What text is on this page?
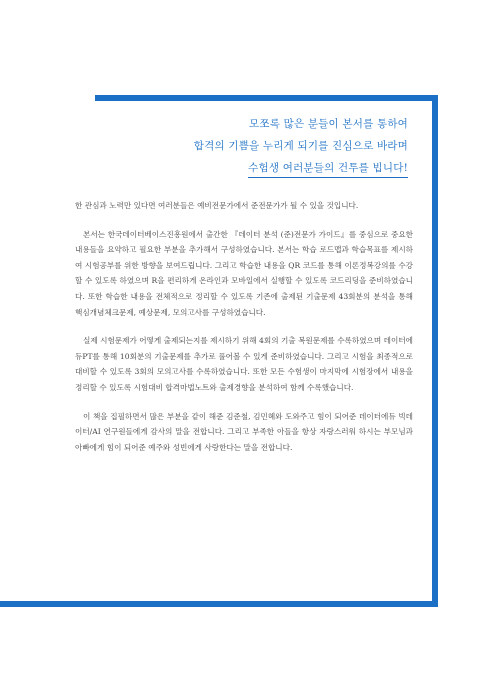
모쪼록 많은 분들이 본서를 통하여
합격의 기쁨을 누리게 되기를 진심으로 바라며
수험생 여러분들의 건투를 빕니다!

한 관심과 노력만 있다면 여러분들은 예비전문가에서 준전문가가 될 수 있을 것입니다.

본서는 한국데이터베이스진흥원에서 출간한 『데이터 분석 (준)전문가 가이드』를 중심으로 중요한 내용들을 요약하고 필요한 부분을 추가해서 구성하였습니다. 본서는 학습 로드맵과 학습목표를 제시하여 시험공부를 위한 방향을 보여드립니다. 그리고 학습한 내용을 QR 코드를 통해 이론정복강의를 수강할 수 있도록 하였으며 R을 편리하게 온라인과 모바일에서 실행할 수 있도록 코드리딩을 준비하였습니다. 또한 학습한 내용을 전체적으로 정리할 수 있도록 기존에 출제된 기출문제 43회분의 분석을 통해 핵심개념체크문제, 예상문제, 모의고사를 구성하였습니다.

실제 시험문제가 어떻게 출제되는지를 제시하기 위해 4회의 기출 복원문제를 수록하였으며 데이터에듀PT를 통해 10회분의 기출문제를 추가로 풀어볼 수 있게 준비하였습니다. 그리고 시험을 최종적으로 대비할 수 있도록 3회의 모의고사를 수록하였습니다. 또한 모든 수험생이 마지막에 시험장에서 내용을 정리할 수 있도록 시험대비 합격마법노트와 출제경향을 분석하여 함께 수록했습니다.

이 책을 집필하면서 많은 부분을 같이 해준 김준철, 김민혜와 도와주고 힘이 되어준 데이터에듀 빅데이터/AI 연구원들에게 감사의 말을 전합니다. 그리고 부족한 아들을 항상 자랑스러워 하시는 부모님과 아빠에게 힘이 되어준 예주와 성빈에게 사랑한다는 말을 전합니다.
